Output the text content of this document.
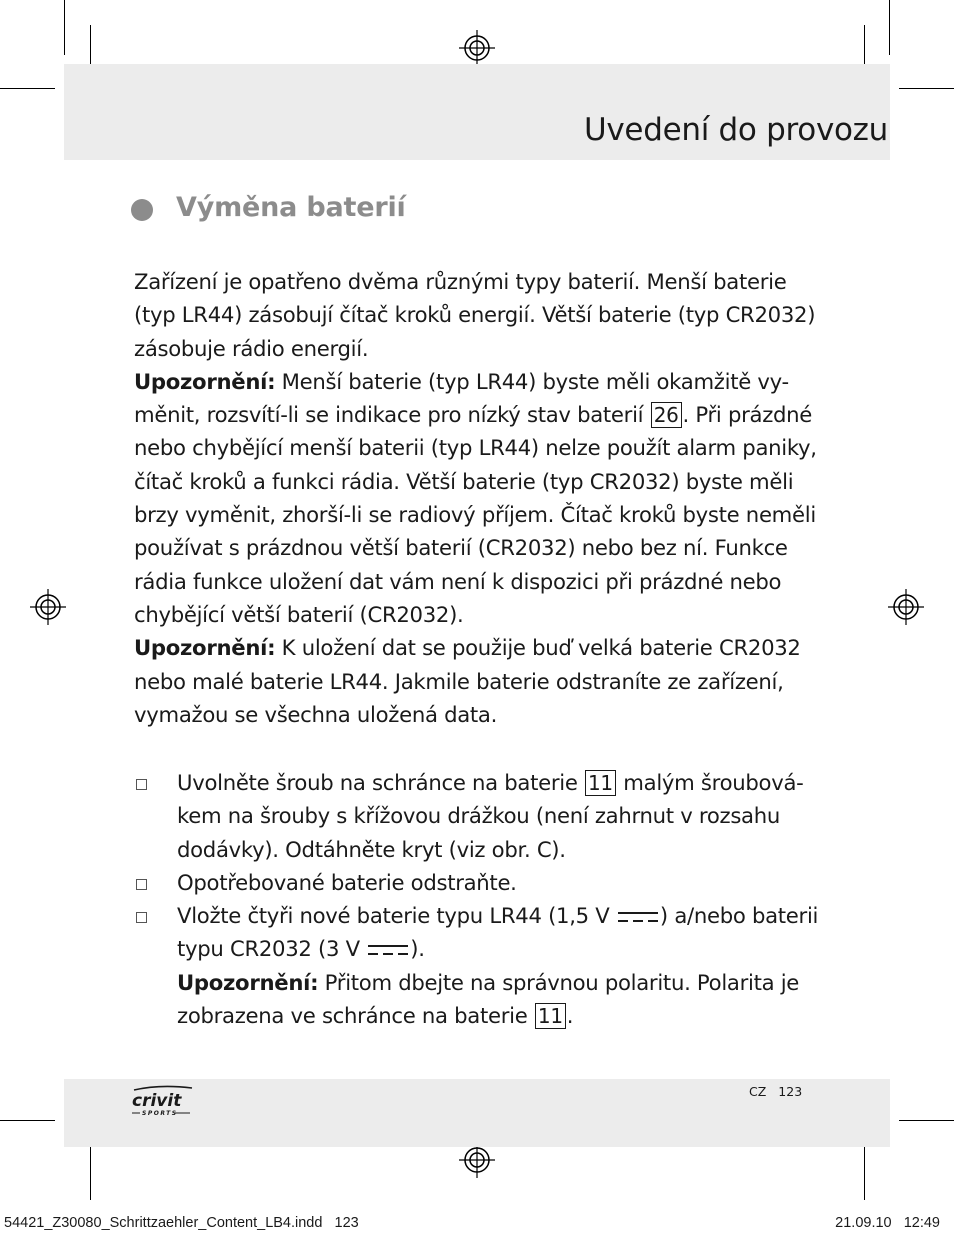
Uvedení do provozu
Výměna baterií

Zařízení je opatřeno dvěma různými typy baterií. Menší baterie (typ LR44) zásobují čítač kroků energií. Větší baterie (typ CR2032) zásobuje rádio energií.

Upozornění: Menší baterie (typ LR44) byste měli okamžitě vy-měnit, rozsvítí-li se indikace pro nízký stav baterií 26 . Při prázdné nebo chybějící menší baterii (typ LR44) nelze použít alarm paniky, čítač kroků a funkci rádia. Větší baterie (typ CR2032) byste měli brzy vyměnit, zhorší-li se radiový příjem. Čítač kroků byste neměli používat s prázdnou větší baterií (CR2032) nebo bez ní. Funkce rádia funkce uložení dat vám není k dispozici při prázdné nebo chybějící větší baterií (CR2032).

Upozornění: K uložení dat se použije buď velká baterie CR2032 nebo malé baterie LR44. Jakmile baterie odstraníte ze zařízení, vymažou se všechna uložená data.

Uvolněte šroub na schránce na baterie 11 malým šroubová-kem na šrouby s křížovou drážkou (není zahrnut v rozsahu dodávky). Odtáhněte kryt (viz obr. C).
Opotřebované baterie odstraňte.
Vložte čtyři nové baterie typu LR44 (1,5 V ) a/nebo baterii typu CR2032 (3 V ).
Upozornění: Přitom dbejte na správnou polaritu. Polarita je zobrazena ve schránce na baterie 11 .
crivit
SPORTS
CZ 123
54421_Z30080_Schrittzaehler_Content_LB4.indd   123	21.09.10   12:49
